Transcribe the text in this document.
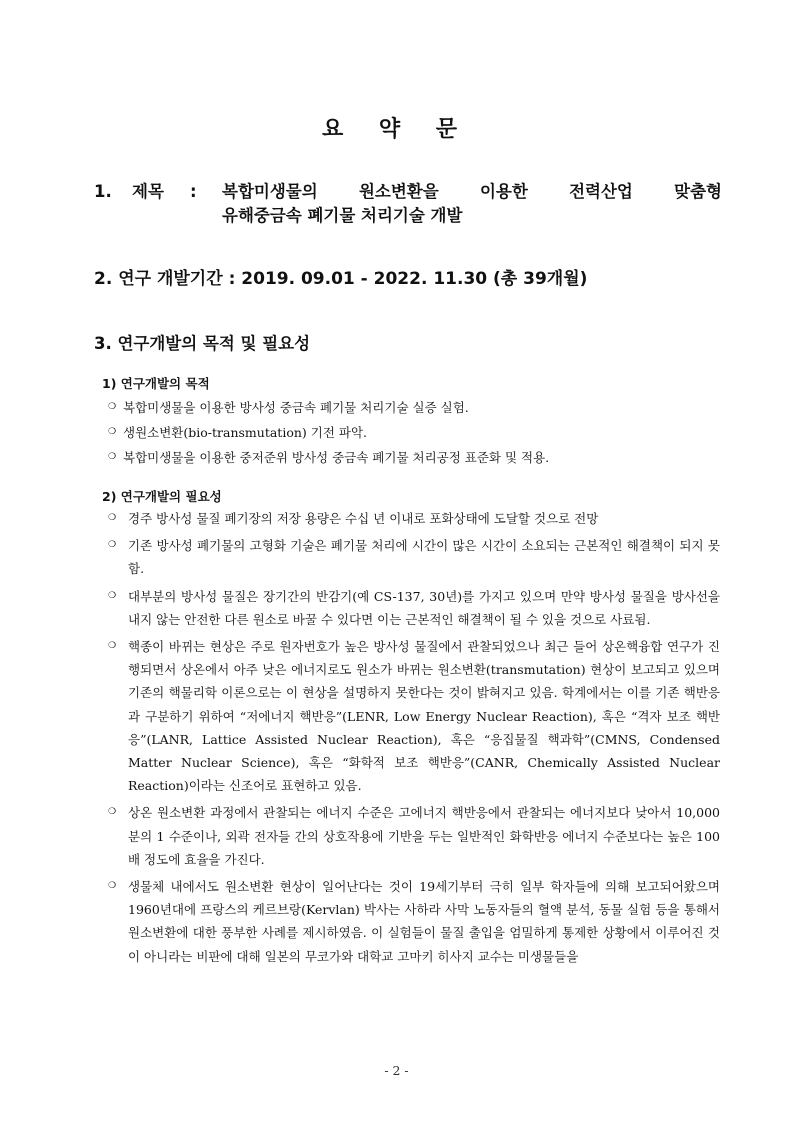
요 약 문
1. 제목 : 복합미생물의 원소변환을 이용한 전력산업 맞춤형
유해중금속 폐기물 처리기술 개발
2. 연구 개발기간 : 2019. 09.01 - 2022. 11.30 (총 39개월)
3. 연구개발의 목적 및 필요성
1) 연구개발의 목적
❍ 복합미생물을 이용한 방사성 중금속 폐기물 처리기술 실증 실험.
❍ 생원소변환(bio-transmutation) 기전 파악.
❍ 복합미생물을 이용한 중저준위 방사성 중금속 폐기물 처리공정 표준화 및 적용.
2) 연구개발의 필요성
❍ 경주 방사성 물질 폐기장의 저장 용량은 수십 년 이내로 포화상태에 도달할 것으로 전망
❍ 기존 방사성 폐기물의 고형화 기술은 폐기물 처리에 시간이 많은 시간이 소요되는 근본적인 해결책이 되지 못함.
❍ 대부분의 방사성 물질은 장기간의 반감기(예 CS-137, 30년)를 가지고 있으며 만약 방사성 물질을 방사선을 내지 않는 안전한 다른 원소로 바꿀 수 있다면 이는 근본적인 해결책이 될 수 있을 것으로 사료됨.
❍ 핵종이 바뀌는 현상은 주로 원자번호가 높은 방사성 물질에서 관찰되었으나 최근 들어 상온핵융합 연구가 진행되면서 상온에서 아주 낮은 에너지로도 원소가 바뀌는 원소변환(transmutation) 현상이 보고되고 있으며 기존의 핵물리학 이론으로는 이 현상을 설명하지 못한다는 것이 밝혀지고 있음. 학계에서는 이를 기존 핵반응과 구분하기 위하여 “저에너지 핵반응”(LENR, Low Energy Nuclear Reaction), 혹은 “격자 보조 핵반응”(LANR, Lattice Assisted Nuclear Reaction), 혹은 “응집물질 핵과학”(CMNS, Condensed Matter Nuclear Science), 혹은 “화학적 보조 핵반응”(CANR, Chemically Assisted Nuclear Reaction)이라는 신조어로 표현하고 있음.
❍ 상온 원소변환 과정에서 관찰되는 에너지 수준은 고에너지 핵반응에서 관찰되는 에너지보다 낮아서 10,000분의 1 수준이나, 외곽 전자들 간의 상호작용에 기반을 두는 일반적인 화학반응 에너지 수준보다는 높은 100배 정도에 효율을 가진다.
❍ 생물체 내에서도 원소변환 현상이 일어난다는 것이 19세기부터 극히 일부 학자들에 의해 보고되어왔으며 1960년대에 프랑스의 케르브랑(Kervlan) 박사는 사하라 사막 노동자들의 혈액 분석, 동물 실험 등을 통해서 원소변환에 대한 풍부한 사례를 제시하였음. 이 실험들이 물질 출입을 엄밀하게 통제한 상황에서 이루어진 것이 아니라는 비판에 대해 일본의 무코가와 대학교 고마키 히사지 교수는 미생물들을
- 2 -
